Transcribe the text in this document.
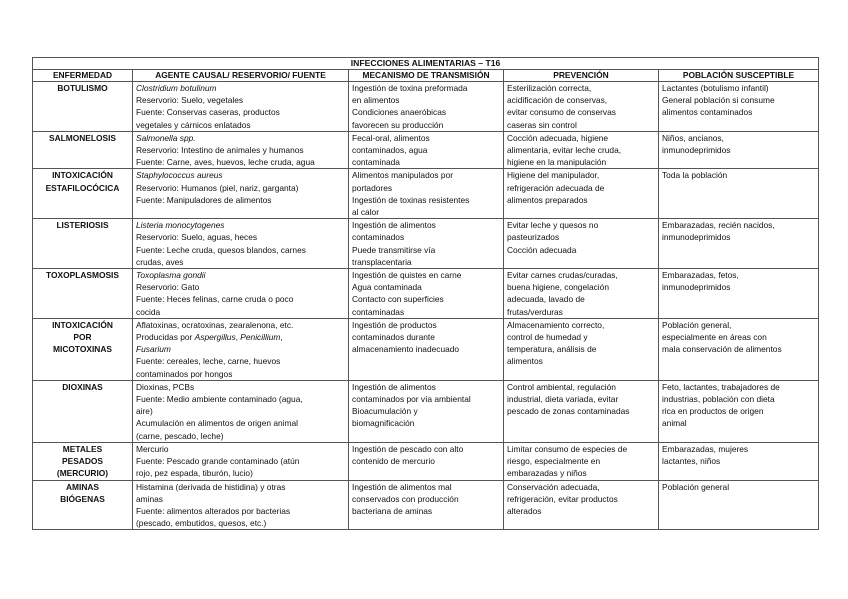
INFECCIONES ALIMENTARIAS – T16				
ENFERMEDAD	AGENTE CAUSAL/ RESERVORIO/ FUENTE	MECANISMO DE TRANSMISIÓN	PREVENCIÓN	POBLACIÓN SUSCEPTIBLE

BOTULISMO	Clostridium botulinum
Reservorio: Suelo, vegetales
Fuente: Conservas caseras, productos
vegetales y cárnicos enlatados	Ingestión de toxina preformada
en alimentos
Condiciones anaeróbicas
favorecen su producción	Esterilización correcta,
acidificación de conservas,
evitar consumo de conservas
caseras sin control	Lactantes (botulismo infantil)
General población si consume
alimentos contaminados

SALMONELOSIS	Salmonella spp.
Reservorio: Intestino de animales y humanos
Fuente: Carne, aves, huevos, leche cruda, agua	Fecal-oral, alimentos
contaminados, agua
contaminada	Cocción adecuada, higiene
alimentaria, evitar leche cruda,
higiene en la manipulación	Niños, ancianos,
inmunodeprimidos

INTOXICACIÓN
ESTAFILOCÓCICA	Staphylococcus aureus
Reservorio: Humanos (piel, nariz, garganta)
Fuente: Manipuladores de alimentos	Alimentos manipulados por
portadores
Ingestión de toxinas resistentes
al calor	Higiene del manipulador,
refrigeración adecuada de
alimentos preparados	Toda la población

LISTERIOSIS	Listeria monocytogenes
Reservorio: Suelo, aguas, heces
Fuente: Leche cruda, quesos blandos, carnes
crudas, aves	Ingestión de alimentos
contaminados
Puede transmitirse vía
transplacentaria	Evitar leche y quesos no
pasteurizados
Cocción adecuada	Embarazadas, recién nacidos,
inmunodeprimidos

TOXOPLASMOSIS	Toxoplasma gondii
Reservorio: Gato
Fuente: Heces felinas, carne cruda o poco
cocida	Ingestión de quistes en carne
Agua contaminada
Contacto con superficies
contaminadas	Evitar carnes crudas/curadas,
buena higiene, congelación
adecuada, lavado de
frutas/verduras	Embarazadas, fetos,
inmunodeprimidos

INTOXICACIÓN
POR
MICOTOXINAS	Aflatoxinas, ocratoxinas, zearalenona, etc.
Producidas por Aspergillus, Penicillium,
Fusarium
Fuente: cereales, leche, carne, huevos
contaminados por hongos	Ingestión de productos
contaminados durante
almacenamiento inadecuado	Almacenamiento correcto,
control de humedad y
temperatura, análisis de
alimentos	Población general,
especialmente en áreas con
mala conservación de alimentos

DIOXINAS	Dioxinas, PCBs
Fuente: Medio ambiente contaminado (agua,
aire)
Acumulación en alimentos de origen animal
(carne, pescado, leche)	Ingestión de alimentos
contaminados por vía ambiental
Bioacumulación y
biomagnificación	Control ambiental, regulación
industrial, dieta variada, evitar
pescado de zonas contaminadas	Feto, lactantes, trabajadores de
industrias, población con dieta
rica en productos de origen
animal

METALES
PESADOS
(MERCURIO)	Mercurio
Fuente: Pescado grande contaminado (atún
rojo, pez espada, tiburón, lucio)	Ingestión de pescado con alto
contenido de mercurio	Limitar consumo de especies de
riesgo, especialmente en
embarazadas y niños	Embarazadas, mujeres
lactantes, niños

AMINAS
BIÓGENAS	Histamina (derivada de histidina) y otras
aminas
Fuente: alimentos alterados por bacterias
(pescado, embutidos, quesos, etc.)	Ingestión de alimentos mal
conservados con producción
bacteriana de aminas	Conservación adecuada,
refrigeración, evitar productos
alterados	Población general
